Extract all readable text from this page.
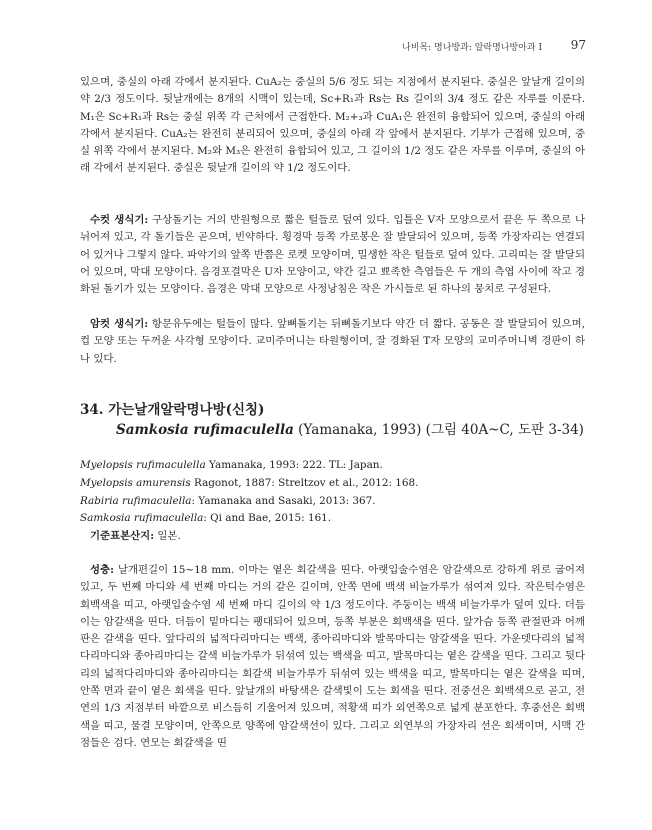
나비목: 명나방과: 알락명나방아과 I 97

있으며, 중실의 아래 각에서 분지된다. CuA₂는 중실의 5/6 정도 되는 지점에서 분지된다. 중실은 앞날개 길이의 약 2/3 정도이다. 뒷날개에는 8개의 시맥이 있는데, Sc+R₁과 Rs는 Rs 길이의 3/4 정도 같은 자루를 이룬다. M₁은 Sc+R₁과 Rs는 중실 위쪽 각 근처에서 근접한다. M₂+₃과 CuA₁은 완전히 융합되어 있으며, 중실의 아래 각에서 분지된다. CuA₂는 완전히 분리되어 있으며, 중실의 아래 각 앞에서 분지된다. 기부가 근접해 있으며, 중실 위쪽 각에서 분지된다. M₂와 M₃은 완전히 융합되어 있고, 그 길이의 1/2 정도 같은 자루를 이루며, 중실의 아래 각에서 분지된다. 중실은 뒷날개 길이의 약 1/2 정도이다.

수컷 생식기: 구상돌기는 거의 반원형으로 짧은 털들로 덮여 있다. 입틀은 V자 모양으로서 끝은 두 쪽으로 나뉘어져 있고, 각 돌기들은 곧으며, 빈약하다. 횡경막 등쪽 가로봉은 잘 발달되어 있으며, 등쪽 가장자리는 연결되어 있거나 그렇지 않다. 파악기의 앞쪽 반쯤은 로켓 모양이며, 밀생한 작은 털들로 덮여 있다. 고리띠는 잘 발달되어 있으며, 막대 모양이다. 음경포결막은 U자 모양이고, 약간 길고 뾰족한 측엽들은 두 개의 측엽 사이에 작고 경화된 돌기가 있는 모양이다. 음경은 막대 모양으로 사정낭침은 작은 가시들로 된 하나의 뭉치로 구성된다.

암컷 생식기: 항문유두에는 털들이 많다. 앞뼈돌기는 뒤뼈돌기보다 약간 더 짧다. 공동은 잘 발달되어 있으며, 컵 모양 또는 두꺼운 사각형 모양이다. 교미주머니는 타원형이며, 잘 경화된 T자 모양의 교미주머니벽 경판이 하나 있다.

34. 가는날개알락명나방(신칭)
Samkosia rufimaculella (Yamanaka, 1993) (그림 40A~C, 도판 3-34)
Myelopsis rufimaculella Yamanaka, 1993: 222. TL: Japan.
Myelopsis amurensis Ragonot, 1887: Streltzov et al., 2012: 168.
Rabiria rufimaculella: Yamanaka and Sasaki, 2013: 367.
Samkosia rufimaculella: Qi and Bae, 2015: 161.
기준표본산지: 일본.

성충: 날개편길이 15~18 mm. 이마는 옅은 회갈색을 띤다. 아랫입술수염은 암갈색으로 강하게 위로 굽어져 있고, 두 번째 마디와 세 번째 마디는 거의 같은 길이며, 안쪽 면에 백색 비늘가루가 섞여져 있다. 작은턱수염은 회백색을 띠고, 아랫입술수염 세 번째 마디 길이의 약 1/3 정도이다. 주둥이는 백색 비늘가루가 덮여 있다. 더듬이는 암갈색을 띤다. 더듬이 밑마디는 팽대되어 있으며, 등쪽 부분은 회백색을 띤다. 앞가슴 등쪽 관절판과 어깨판은 갈색을 띤다. 앞다리의 넓적다리마디는 백색, 종아리마디와 발목마디는 암갈색을 띤다. 가운뎃다리의 넓적다리마디와 종아리마디는 갈색 비늘가루가 뒤섞여 있는 백색을 띠고, 발목마디는 옅은 갈색을 띤다. 그리고 뒷다리의 넓적다리마디와 종아리마디는 회갈색 비늘가루가 뒤섞여 있는 백색을 띠고, 발목마디는 옅은 갈색을 띠며, 안쪽 면과 끝이 옅은 회색을 띤다. 앞날개의 바탕색은 갈색빛이 도는 회색을 띤다. 전중선은 회백색으로 곧고, 전연의 1/3 지점부터 바깥으로 비스듬히 기울어져 있으며, 적황색 띠가 외연쪽으로 넓게 분포한다. 후중선은 회백색을 띠고, 물결 모양이며, 안쪽으로 양쪽에 암갈색선이 있다. 그리고 외연부의 가장자리 선은 회색이며, 시맥 간 점들은 검다. 연모는 회갈색을 띤
